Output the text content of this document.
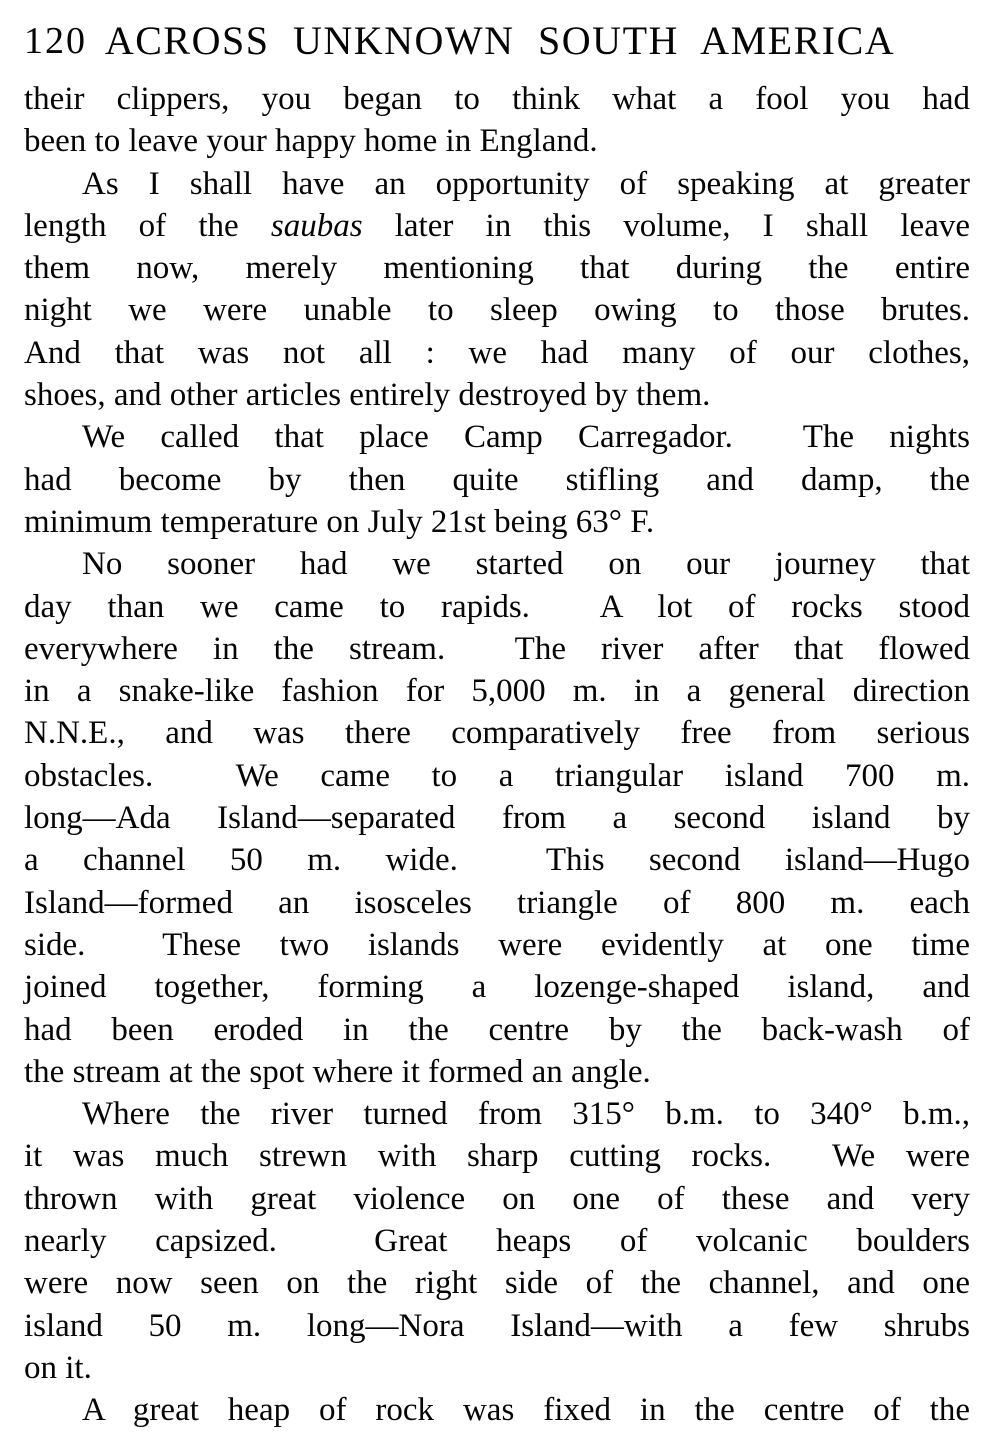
120 ACROSS UNKNOWN SOUTH AMERICA
their clippers, you began to think what a fool you had
been to leave your happy home in England.
As I shall have an opportunity of speaking at greater
length of the saubas later in this volume, I shall leave
them now, merely mentioning that during the entire
night we were unable to sleep owing to those brutes.
And that was not all : we had many of our clothes,
shoes, and other articles entirely destroyed by them.
We called that place Camp Carregador.  The nights
had become by then quite stifling and damp, the
minimum temperature on July 21st being 63° F.
No sooner had we started on our journey that
day than we came to rapids.  A lot of rocks stood
everywhere in the stream.  The river after that flowed
in a snake-like fashion for 5,000 m. in a general direction
N.N.E., and was there comparatively free from serious
obstacles.  We came to a triangular island 700 m.
long—Ada Island—separated from a second island by
a channel 50 m. wide.  This second island—Hugo
Island—formed an isosceles triangle of 800 m. each
side.  These two islands were evidently at one time
joined together, forming a lozenge-shaped island, and
had been eroded in the centre by the back-wash of
the stream at the spot where it formed an angle.
Where the river turned from 315° b.m. to 340° b.m.,
it was much strewn with sharp cutting rocks.  We were
thrown with great violence on one of these and very
nearly capsized.  Great heaps of volcanic boulders
were now seen on the right side of the channel, and one
island 50 m. long—Nora Island—with a few shrubs
on it.
A great heap of rock was fixed in the centre of the
